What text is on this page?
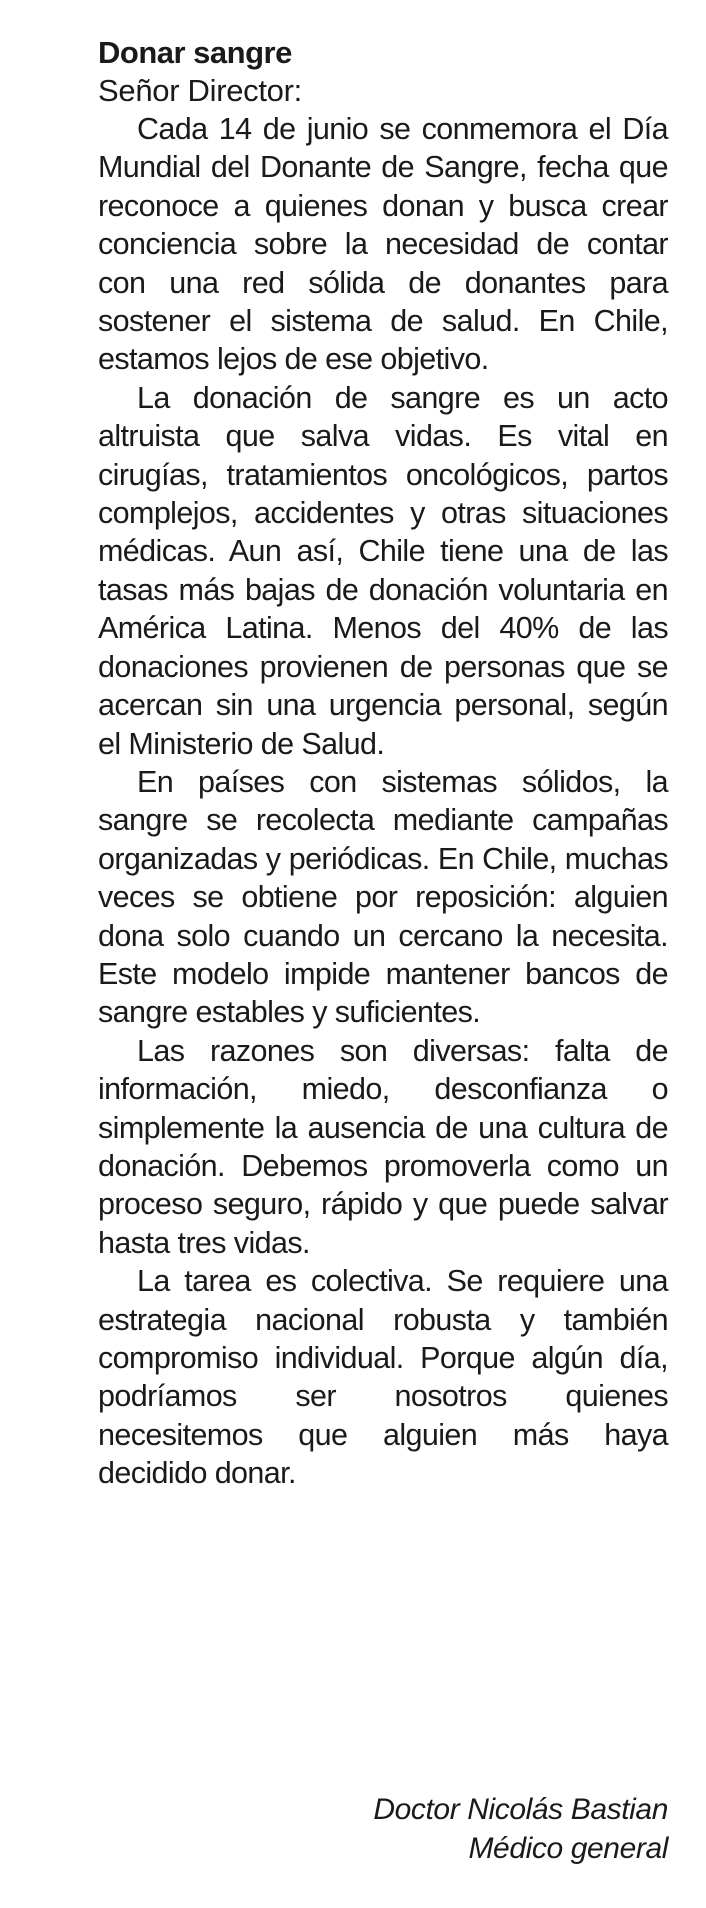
Donar sangre

Señor Director:

Cada 14 de junio se conmemora el Día Mundial del Donante de Sangre, fecha que reconoce a quienes donan y busca crear conciencia sobre la necesidad de contar con una red sólida de donantes para sostener el sistema de salud. En Chile, estamos lejos de ese objetivo.

La donación de sangre es un acto altruista que salva vidas. Es vital en cirugías, tratamientos oncológicos, partos complejos, accidentes y otras situaciones médicas. Aun así, Chile tiene una de las tasas más bajas de donación voluntaria en América Latina. Menos del 40% de las donaciones provienen de personas que se acercan sin una urgencia personal, según el Ministerio de Salud.

En países con sistemas sólidos, la sangre se recolecta mediante campañas organizadas y periódicas. En Chile, muchas veces se obtiene por reposición: alguien dona solo cuando un cercano la necesita. Este modelo impide mantener bancos de sangre estables y suficientes.

Las razones son diversas: falta de información, miedo, desconfianza o simplemente la ausencia de una cultura de donación. Debemos promoverla como un proceso seguro, rápido y que puede salvar hasta tres vidas.

La tarea es colectiva. Se requiere una estrategia nacional robusta y también compromiso individual. Porque algún día, podríamos ser nosotros quienes necesitemos que alguien más haya decidido donar.

Doctor Nicolás Bastian
Médico general
